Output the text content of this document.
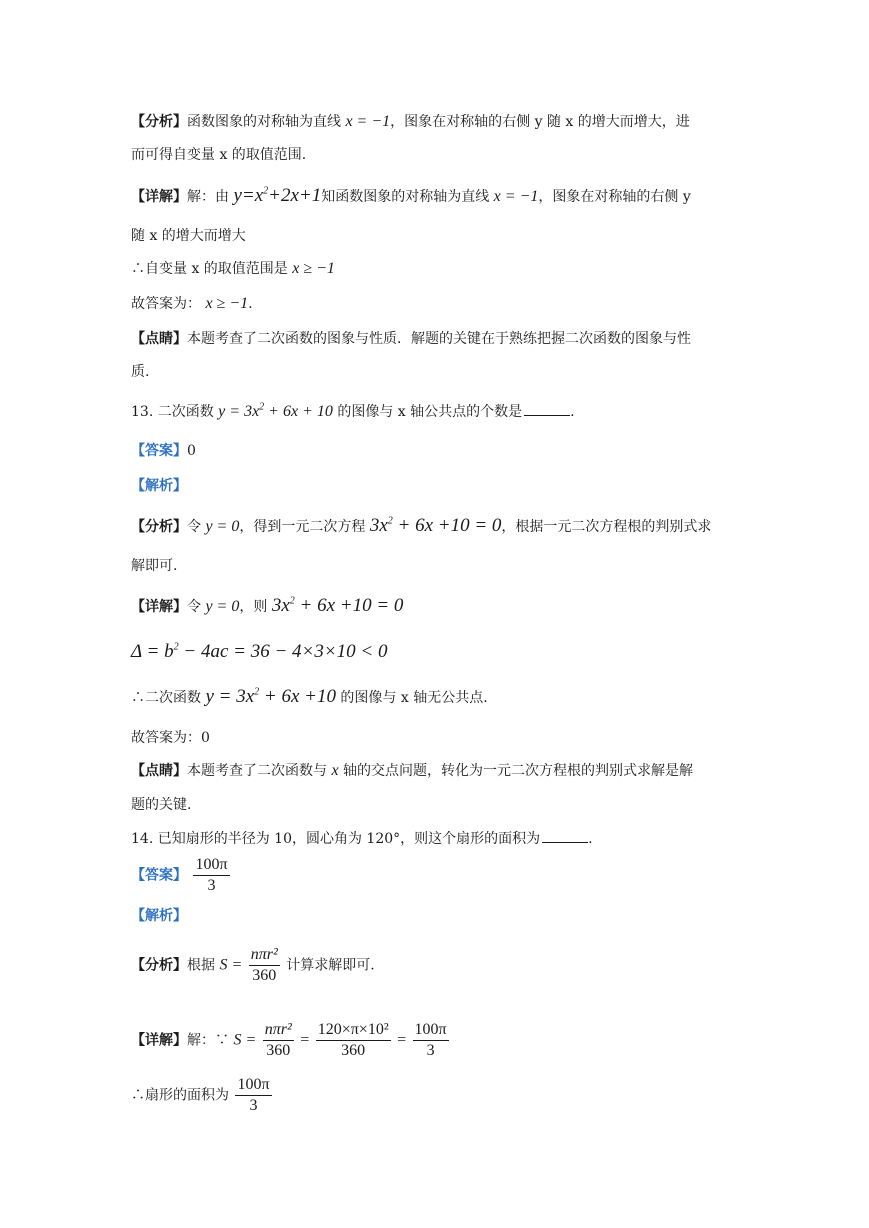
【分析】函数图象的对称轴为直线 x = −1，图象在对称轴的右侧 y 随 x 的增大而增大，进
而可得自变量 x 的取值范围.
【详解】解：由 $y=x^2+2x+1$知函数图象的对称轴为直线 x = −1，图象在对称轴的右侧 y
随 x 的增大而增大
∴自变量 x 的取值范围是 x ≥ −1
故答案为： x ≥ −1.
【点睛】本题考查了二次函数的图象与性质．解题的关键在于熟练把握二次函数的图象与性
质.
13. 二次函数 $y = 3x^2 + 6x + 10$ 的图像与 x 轴公共点的个数是	.
【答案】0
【解析】
【分析】令 y = 0，得到一元二次方程 $3x^2 + 6x +10 = 0$，根据一元二次方程根的判别式求
解即可.
【详解】令 y = 0，则 $3x^2 + 6x +10 = 0$
$\Delta = b^2 - 4ac = 36 - 4\times 3\times 10 < 0$
∴二次函数 $y = 3x^2 + 6x +10$ 的图像与 x 轴无公共点.
故答案为：0
【点睛】本题考查了二次函数与 x 轴的交点问题，转化为一元二次方程根的判别式求解是解
题的关键.
14. 已知扇形的半径为 10，圆心角为 120°，则这个扇形的面积为	.
【答案】 $\frac{100\pi}{3}$
【解析】
【分析】根据 $S = \frac{\text{nπr²}}{360}$ 计算求解即可.
【详解】解：∵ $S = \frac{\text{nπr²}}{360} = \frac{\text{120×π×10²}}{360} = \frac{100\pi}{3}$
∴扇形的面积为 $\frac{100\pi}{3}$
